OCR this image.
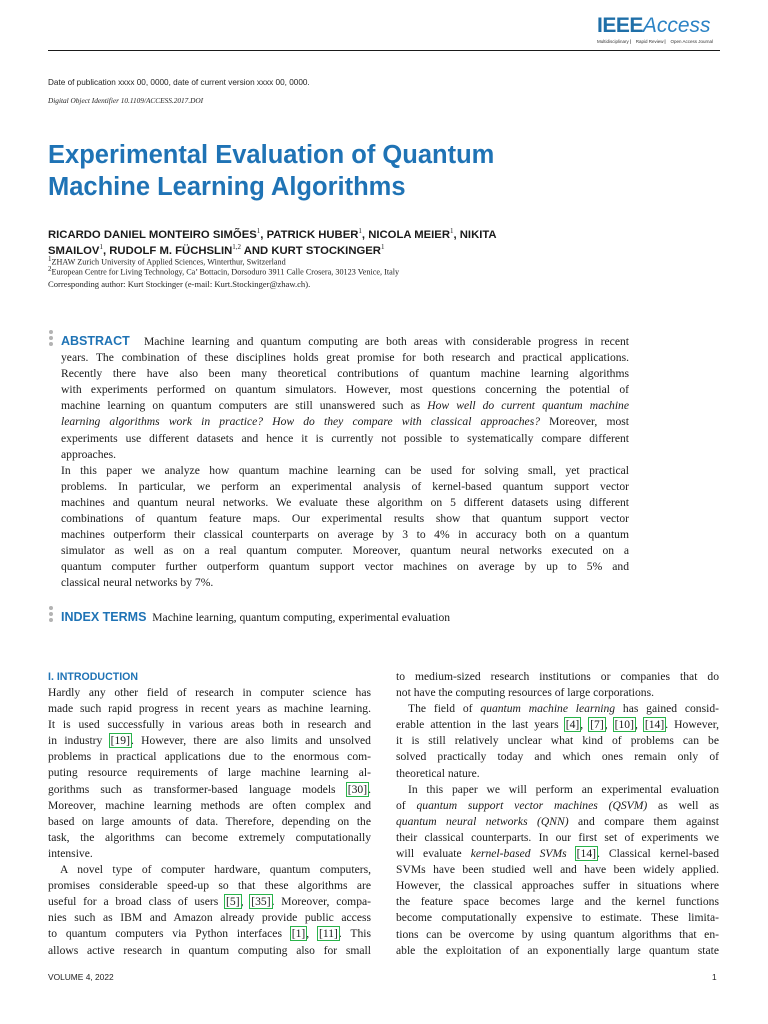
IEEEAccess
Multidisciplinary ⎸ Rapid Review ⎸ Open Access Journal
Date of publication xxxx 00, 0000, date of current version xxxx 00, 0000.
Digital Object Identifier 10.1109/ACCESS.2017.DOI
Experimental Evaluation of Quantum
Machine Learning Algorithms
RICARDO DANIEL MONTEIRO SIMÕES$^1$, PATRICK HUBER$^1$, NICOLA MEIER$^1$, NIKITA
SMAILOV$^1$, RUDOLF M. FÜCHSLIN$^{1,2}$ AND KURT STOCKINGER$^1$
$^1$ZHAW Zurich University of Applied Sciences, Winterthur, Switzerland
$^2$European Centre for Living Technology, Ca’ Bottacin, Dorsoduro 3911 Calle Crosera, 30123 Venice, Italy
Corresponding author: Kurt Stockinger (e-mail: Kurt.Stockinger@zhaw.ch).
ABSTRACT Machine learning and quantum computing are both areas with considerable progress in recent
years. The combination of these disciplines holds great promise for both research and practical applications.
Recently there have also been many theoretical contributions of quantum machine learning algorithms
with experiments performed on quantum simulators. However, most questions concerning the potential of
machine learning on quantum computers are still unanswered such as How well do current quantum machine
learning algorithms work in practice? How do they compare with classical approaches? Moreover, most
experiments use different datasets and hence it is currently not possible to systematically compare different
approaches.
In this paper we analyze how quantum machine learning can be used for solving small, yet practical
problems. In particular, we perform an experimental analysis of kernel-based quantum support vector
machines and quantum neural networks. We evaluate these algorithm on 5 different datasets using different
combinations of quantum feature maps. Our experimental results show that quantum support vector
machines outperform their classical counterparts on average by 3 to 4% in accuracy both on a quantum
simulator as well as on a real quantum computer. Moreover, quantum neural networks executed on a
quantum computer further outperform quantum support vector machines on average by up to 5% and
classical neural networks by 7%.
INDEX TERMS Machine learning, quantum computing, experimental evaluation
I. INTRODUCTION
Hardly any other field of research in computer science has
made such rapid progress in recent years as machine learning.
It is used successfully in various areas both in research and
in industry [19]. However, there are also limits and unsolved
problems in practical applications due to the enormous com-
puting resource requirements of large machine learning al-
gorithms such as transformer-based language models [30].
Moreover, machine learning methods are often complex and
based on large amounts of data. Therefore, depending on the
task, the algorithms can become extremely computationally
intensive.
A novel type of computer hardware, quantum computers,
promises considerable speed-up so that these algorithms are
useful for a broad class of users [5], [35]. Moreover, compa-
nies such as IBM and Amazon already provide public access
to quantum computers via Python interfaces [1], [11]. This
allows active research in quantum computing also for small
to medium-sized research institutions or companies that do
not have the computing resources of large corporations.
The field of quantum machine learning has gained consid-
erable attention in the last years [4], [7], [10], [14]. However,
it is still relatively unclear what kind of problems can be
solved practically today and which ones remain only of
theoretical nature.
In this paper we will perform an experimental evaluation
of quantum support vector machines (QSVM) as well as
quantum neural networks (QNN) and compare them against
their classical counterparts. In our first set of experiments we
will evaluate kernel-based SVMs [14]. Classical kernel-based
SVMs have been studied well and have been widely applied.
However, the classical approaches suffer in situations where
the feature space becomes large and the kernel functions
become computationally expensive to estimate. These limita-
tions can be overcome by using quantum algorithms that en-
able the exploitation of an exponentially large quantum state
VOLUME 4, 2022	1
